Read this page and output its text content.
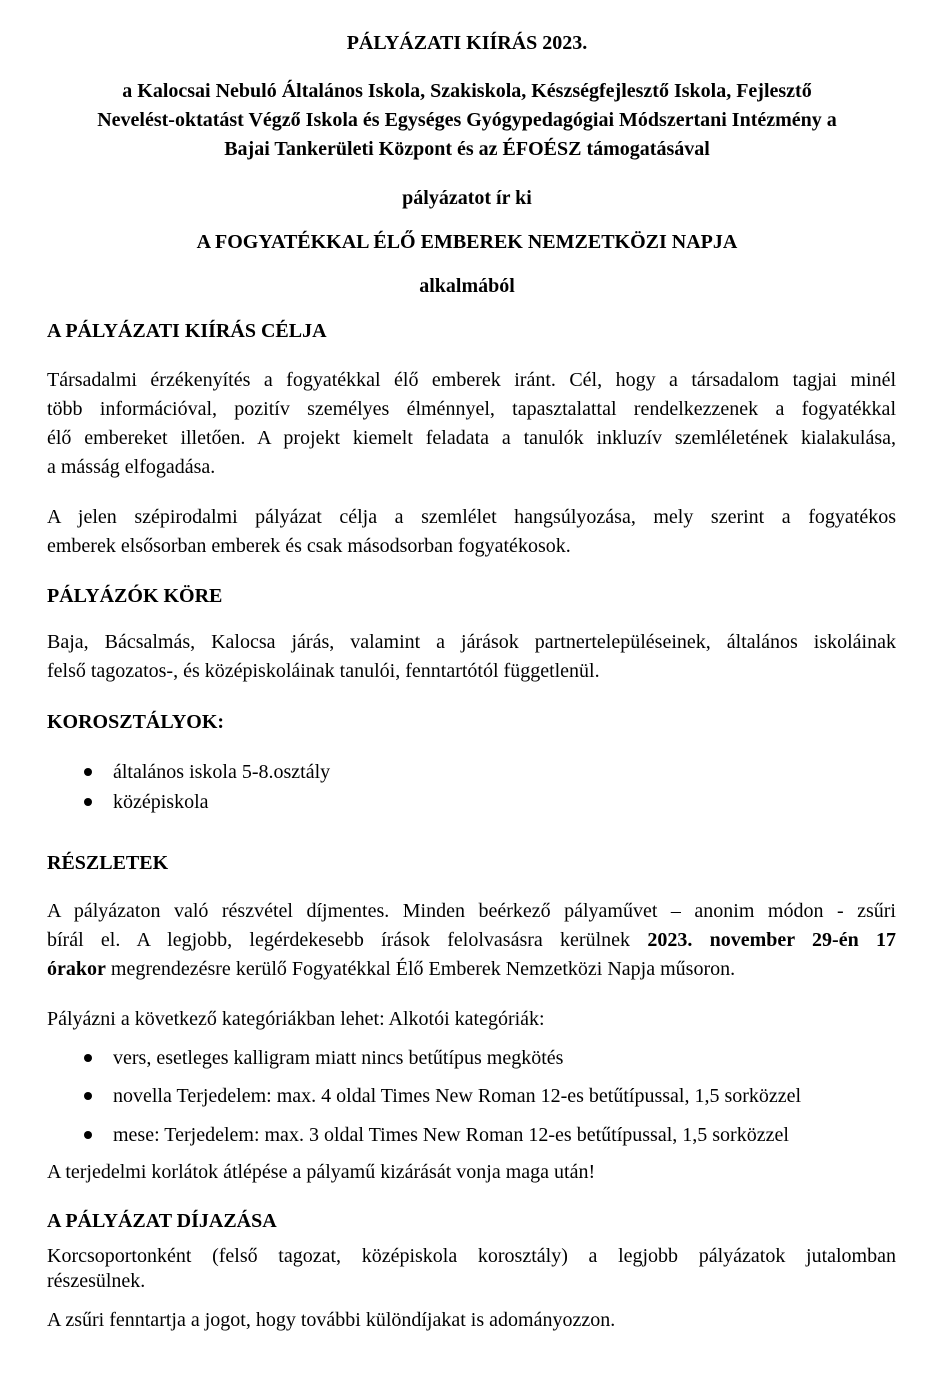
PÁLYÁZATI KIÍRÁS 2023.
a Kalocsai Nebuló Általános Iskola, Szakiskola, Készségfejlesztő Iskola, Fejlesztő
Nevelést-oktatást Végző Iskola és Egységes Gyógypedagógiai Módszertani Intézmény a
Bajai Tankerületi Központ és az ÉFOÉSZ támogatásával
pályázatot ír ki
A FOGYATÉKKAL ÉLŐ EMBEREK NEMZETKÖZI NAPJA
alkalmából
A PÁLYÁZATI KIÍRÁS CÉLJA
Társadalmi érzékenyítés a fogyatékkal élő emberek iránt. Cél, hogy a társadalom tagjai minél
több információval, pozitív személyes élménnyel, tapasztalattal rendelkezzenek a fogyatékkal
élő embereket illetően. A projekt kiemelt feladata a tanulók inkluzív szemléletének kialakulása,
a másság elfogadása.
A jelen szépirodalmi pályázat célja a szemlélet hangsúlyozása, mely szerint a fogyatékos
emberek elsősorban emberek és csak másodsorban fogyatékosok.
PÁLYÁZÓK KÖRE
Baja, Bácsalmás, Kalocsa járás, valamint a járások partnertelepüléseinek, általános iskoláinak
felső tagozatos-, és középiskoláinak tanulói, fenntartótól függetlenül.
KOROSZTÁLYOK:
általános iskola 5-8.osztály
középiskola
RÉSZLETEK
A pályázaton való részvétel díjmentes. Minden beérkező pályaművet – anonim módon - zsűri
bírál el. A legjobb, legérdekesebb írások felolvasásra kerülnek 2023. november 29-én 17
órakor megrendezésre kerülő Fogyatékkal Élő Emberek Nemzetközi Napja műsoron.
Pályázni a következő kategóriákban lehet: Alkotói kategóriák:
vers, esetleges kalligram miatt nincs betűtípus megkötés
novella Terjedelem: max. 4 oldal Times New Roman 12-es betűtípussal, 1,5 sorközzel
mese: Terjedelem: max. 3 oldal Times New Roman 12-es betűtípussal, 1,5 sorközzel
A terjedelmi korlátok átlépése a pályamű kizárását vonja maga után!
A PÁLYÁZAT DÍJAZÁSA
Korcsoportonként (felső tagozat, középiskola korosztály) a legjobb pályázatok jutalomban
részesülnek.
A zsűri fenntartja a jogot, hogy további különdíjakat is adományozzon.
